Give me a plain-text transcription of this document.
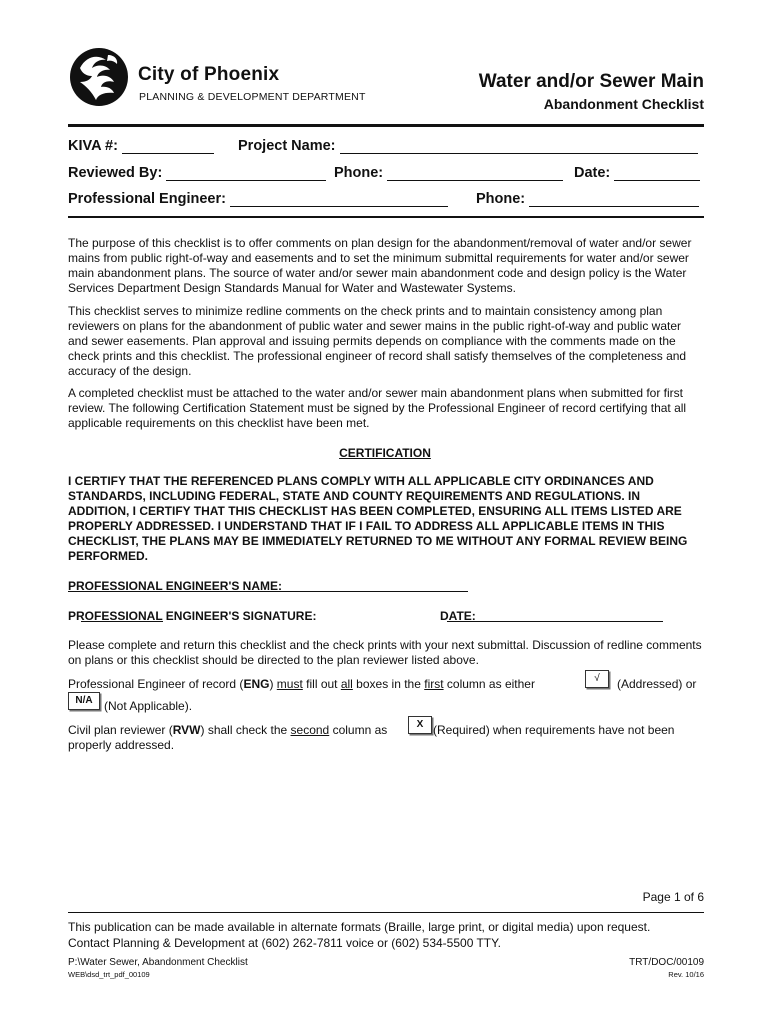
City of Phoenix
PLANNING & DEVELOPMENT DEPARTMENT
Water and/or Sewer Main
Abandonment Checklist
KIVA #:	Project Name:
Reviewed By:	Phone:	Date:
Professional Engineer:	Phone:
The purpose of this checklist is to offer comments on plan design for the abandonment/removal of water and/or sewer mains from public right-of-way and easements and to set the minimum submittal requirements for water and/or sewer main abandonment plans. The source of water and/or sewer main abandonment code and design policy is the Water Services Department Design Standards Manual for Water and Wastewater Systems.
This checklist serves to minimize redline comments on the check prints and to maintain consistency among plan reviewers on plans for the abandonment of public water and sewer mains in the public right-of-way and public water and sewer easements. Plan approval and issuing permits depends on compliance with the comments made on the check prints and this checklist. The professional engineer of record shall satisfy themselves of the completeness and accuracy of the design.
A completed checklist must be attached to the water and/or sewer main abandonment plans when submitted for first review. The following Certification Statement must be signed by the Professional Engineer of record certifying that all applicable requirements on this checklist have been met.
CERTIFICATION
I CERTIFY THAT THE REFERENCED PLANS COMPLY WITH ALL APPLICABLE CITY ORDINANCES AND STANDARDS, INCLUDING FEDERAL, STATE AND COUNTY REQUIREMENTS AND REGULATIONS. IN ADDITION, I CERTIFY THAT THIS CHECKLIST HAS BEEN COMPLETED, ENSURING ALL ITEMS LISTED ARE PROPERLY ADDRESSED. I UNDERSTAND THAT IF I FAIL TO ADDRESS ALL APPLICABLE ITEMS IN THIS CHECKLIST, THE PLANS MAY BE IMMEDIATELY RETURNED TO ME WITHOUT ANY FORMAL REVIEW BEING PERFORMED.
PROFESSIONAL ENGINEER'S NAME:
PROFESSIONAL ENGINEER'S SIGNATURE:
	DATE:

Please complete and return this checklist and the check prints with your next submittal. Discussion of redline comments on plans or this checklist should be directed to the plan reviewer listed above.
Professional Engineer of record (ENG) must fill out all boxes in the first column as either	√	(Addressed) or
N/A (Not Applicable).
Civil plan reviewer (RVW) shall check the second column as	X (Required) when requirements have not been
properly addressed.
Page 1 of 6
This publication can be made available in alternate formats (Braille, large print, or digital media) upon request.
Contact Planning & Development at (602) 262-7811 voice or (602) 534-5500 TTY.
P:\Water Sewer, Abandonment Checklist
WEB\dsd_trt_pdf_00109
TRT/DOC/00109
Rev. 10/16
